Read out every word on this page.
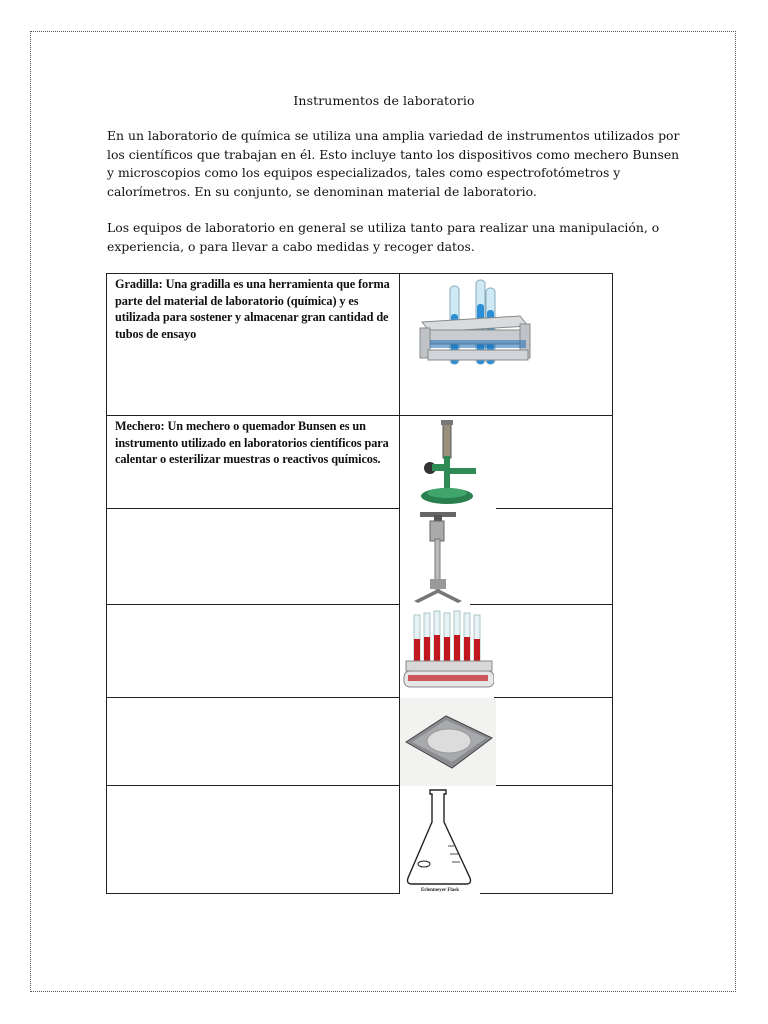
Instrumentos de laboratorio

En un laboratorio de química se utiliza una amplia variedad de instrumentos utilizados por los científicos que trabajan en él. Esto incluye tanto los dispositivos como mechero Bunsen y microscopios como los equipos especializados, tales como espectrofotómetros y calorímetros. En su conjunto, se denominan material de laboratorio.

Los equipos de laboratorio en general se utiliza tanto para realizar una manipulación, o experiencia, o para llevar a cabo medidas y recoger datos.

Gradilla: Una gradilla es una herramienta que forma parte del material de laboratorio (química) y es utilizada para sostener y almacenar gran cantidad de tubos de ensayo

Mechero: Un mechero o quemador Bunsen es un instrumento utilizado en laboratorios científicos para calentar o esterilizar muestras o reactivos químicos.

Erlenmeyer Flask
